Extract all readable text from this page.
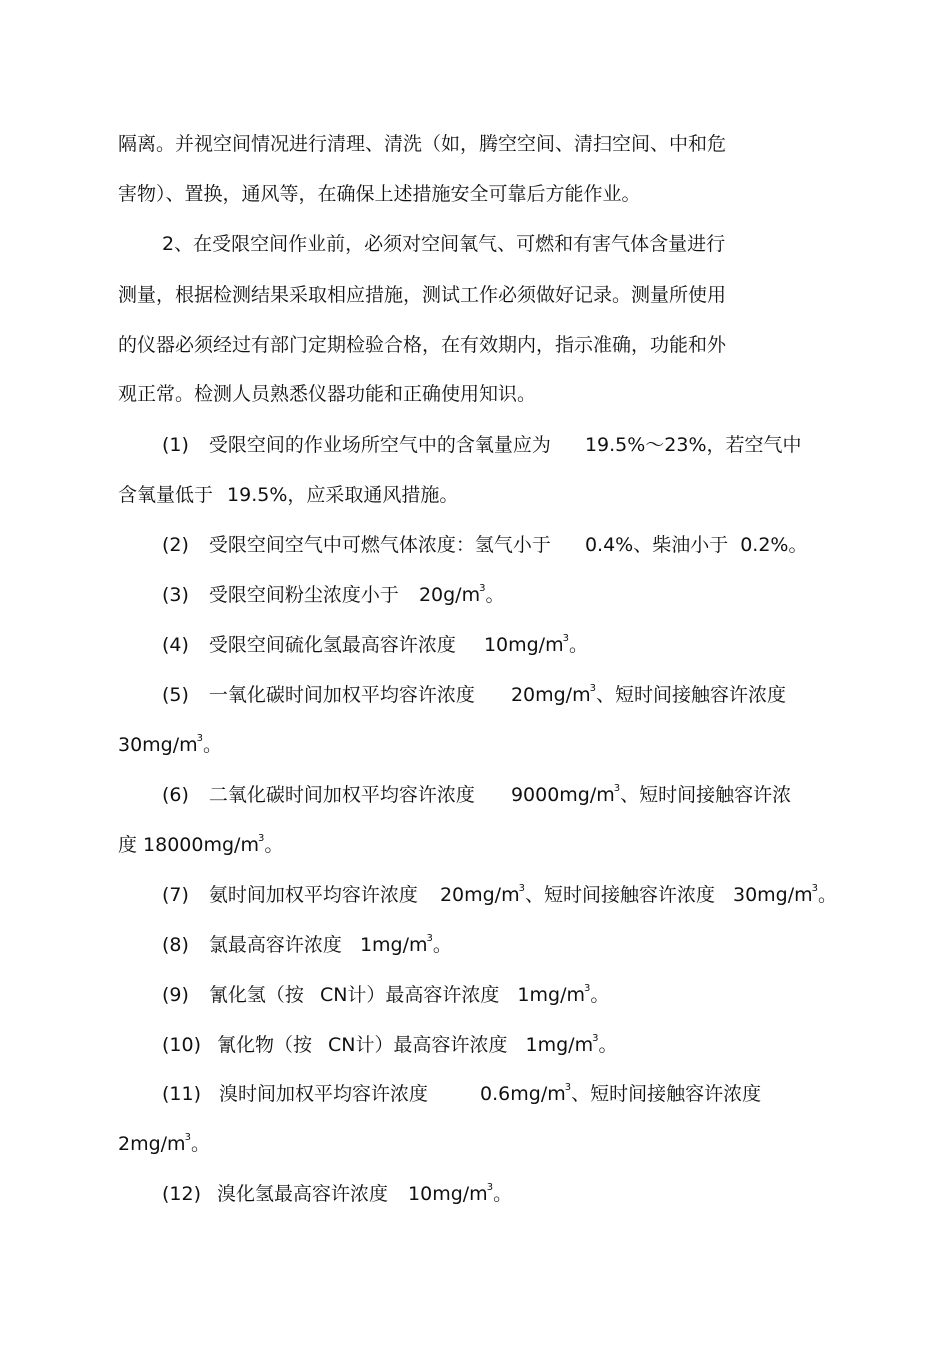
隔离。并视空间情况进行清理、清洗（如，腾空空间、清扫空间、中和危
害物）、置换，通风等，在确保上述措施安全可靠后方能作业。
2、在受限空间作业前，必须对空间氧气、可燃和有害气体含量进行
测量，根据检测结果采取相应措施，测试工作必须做好记录。测量所使用
的仪器必须经过有部门定期检验合格，在有效期内，指示准确，功能和外
观正常。检测人员熟悉仪器功能和正确使用知识。
(1) 受限空间的作业场所空气中的含氧量应为 19.5%～23%，若空气中
含氧量低于 19.5%，应采取通风措施。
(2) 受限空间空气中可燃气体浓度：氢气小于 0.4%、柴油小于 0.2%。
(3) 受限空间粉尘浓度小于 $20g/m^3$。
(4) 受限空间硫化氢最高容许浓度 $10mg/m^3$。
(5) 一氧化碳时间加权平均容许浓度 $20mg/m^3$、短时间接触容许浓度
$30mg/m^3$。
(6) 二氧化碳时间加权平均容许浓度 $9000mg/m^3$、短时间接触容许浓
度 $18000mg/m^3$。
(7) 氨时间加权平均容许浓度 $20mg/m^3$、短时间接触容许浓度 $30mg/m^3$。
(8) 氯最高容许浓度 $1mg/m^3$。
(9) 氰化氢（按 CN计）最高容许浓度 $1mg/m^3$。
(10) 氰化物（按 CN计）最高容许浓度 $1mg/m^3$。
(11) 溴时间加权平均容许浓度	$0.6mg/m^3$、短时间接触容许浓度
$2mg/m^3$。
(12) 溴化氢最高容许浓度 $10mg/m^3$。
